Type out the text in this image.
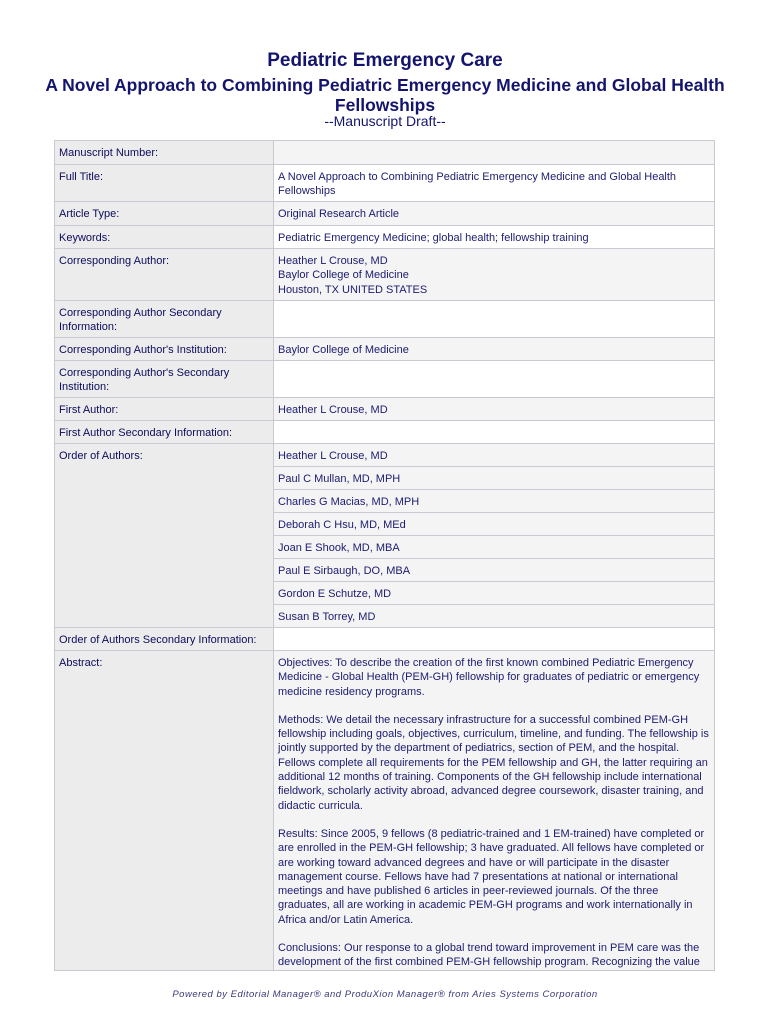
Pediatric Emergency Care
A Novel Approach to Combining Pediatric Emergency Medicine and Global Health Fellowships
--Manuscript Draft--
Manuscript Number:	
Full Title:	A Novel Approach to Combining Pediatric Emergency Medicine and Global Health Fellowships
Article Type:	Original Research Article
Keywords:	Pediatric Emergency Medicine; global health; fellowship training
Corresponding Author:	Heather L Crouse, MD
Baylor College of Medicine
Houston, TX UNITED STATES

Corresponding Author Secondary Information:	
Corresponding Author's Institution:	Baylor College of Medicine
Corresponding Author's Secondary Institution:	
First Author:	Heather L Crouse, MD
First Author Secondary Information:	
Order of Authors:	Heather L Crouse, MD
	Paul C Mullan, MD, MPH
	Charles G Macias, MD, MPH
	Deborah C Hsu, MD, MEd
	Joan E Shook, MD, MBA
	Paul E Sirbaugh, DO, MBA
	Gordon E Schutze, MD
	Susan B Torrey, MD
Order of Authors Secondary Information:	
Abstract:	Objectives: To describe the creation of the first known combined Pediatric Emergency Medicine - Global Health (PEM-GH) fellowship for graduates of pediatric or emergency medicine residency programs.

Methods: We detail the necessary infrastructure for a successful combined PEM-GH fellowship including goals, objectives, curriculum, timeline, and funding. The fellowship is jointly supported by the department of pediatrics, section of PEM, and the hospital. Fellows complete all requirements for the PEM fellowship and GH, the latter requiring an additional 12 months of training. Components of the GH fellowship include international fieldwork, scholarly activity abroad, advanced degree coursework, disaster training, and didactic curricula.

Results: Since 2005, 9 fellows (8 pediatric-trained and 1 EM-trained) have completed or are enrolled in the PEM-GH fellowship; 3 have graduated. All fellows have completed or are working toward advanced degrees and have or will participate in the disaster management course. Fellows have had 7 presentations at national or international meetings and have published 6 articles in peer-reviewed journals. Of the three graduates, all are working in academic PEM-GH programs and work internationally in Africa and/or Latin America.

Conclusions: Our response to a global trend toward improvement in PEM care was the development of the first combined PEM-GH fellowship program. Recognizing the value

Powered by Editorial Manager® and ProduXion Manager® from Aries Systems Corporation
